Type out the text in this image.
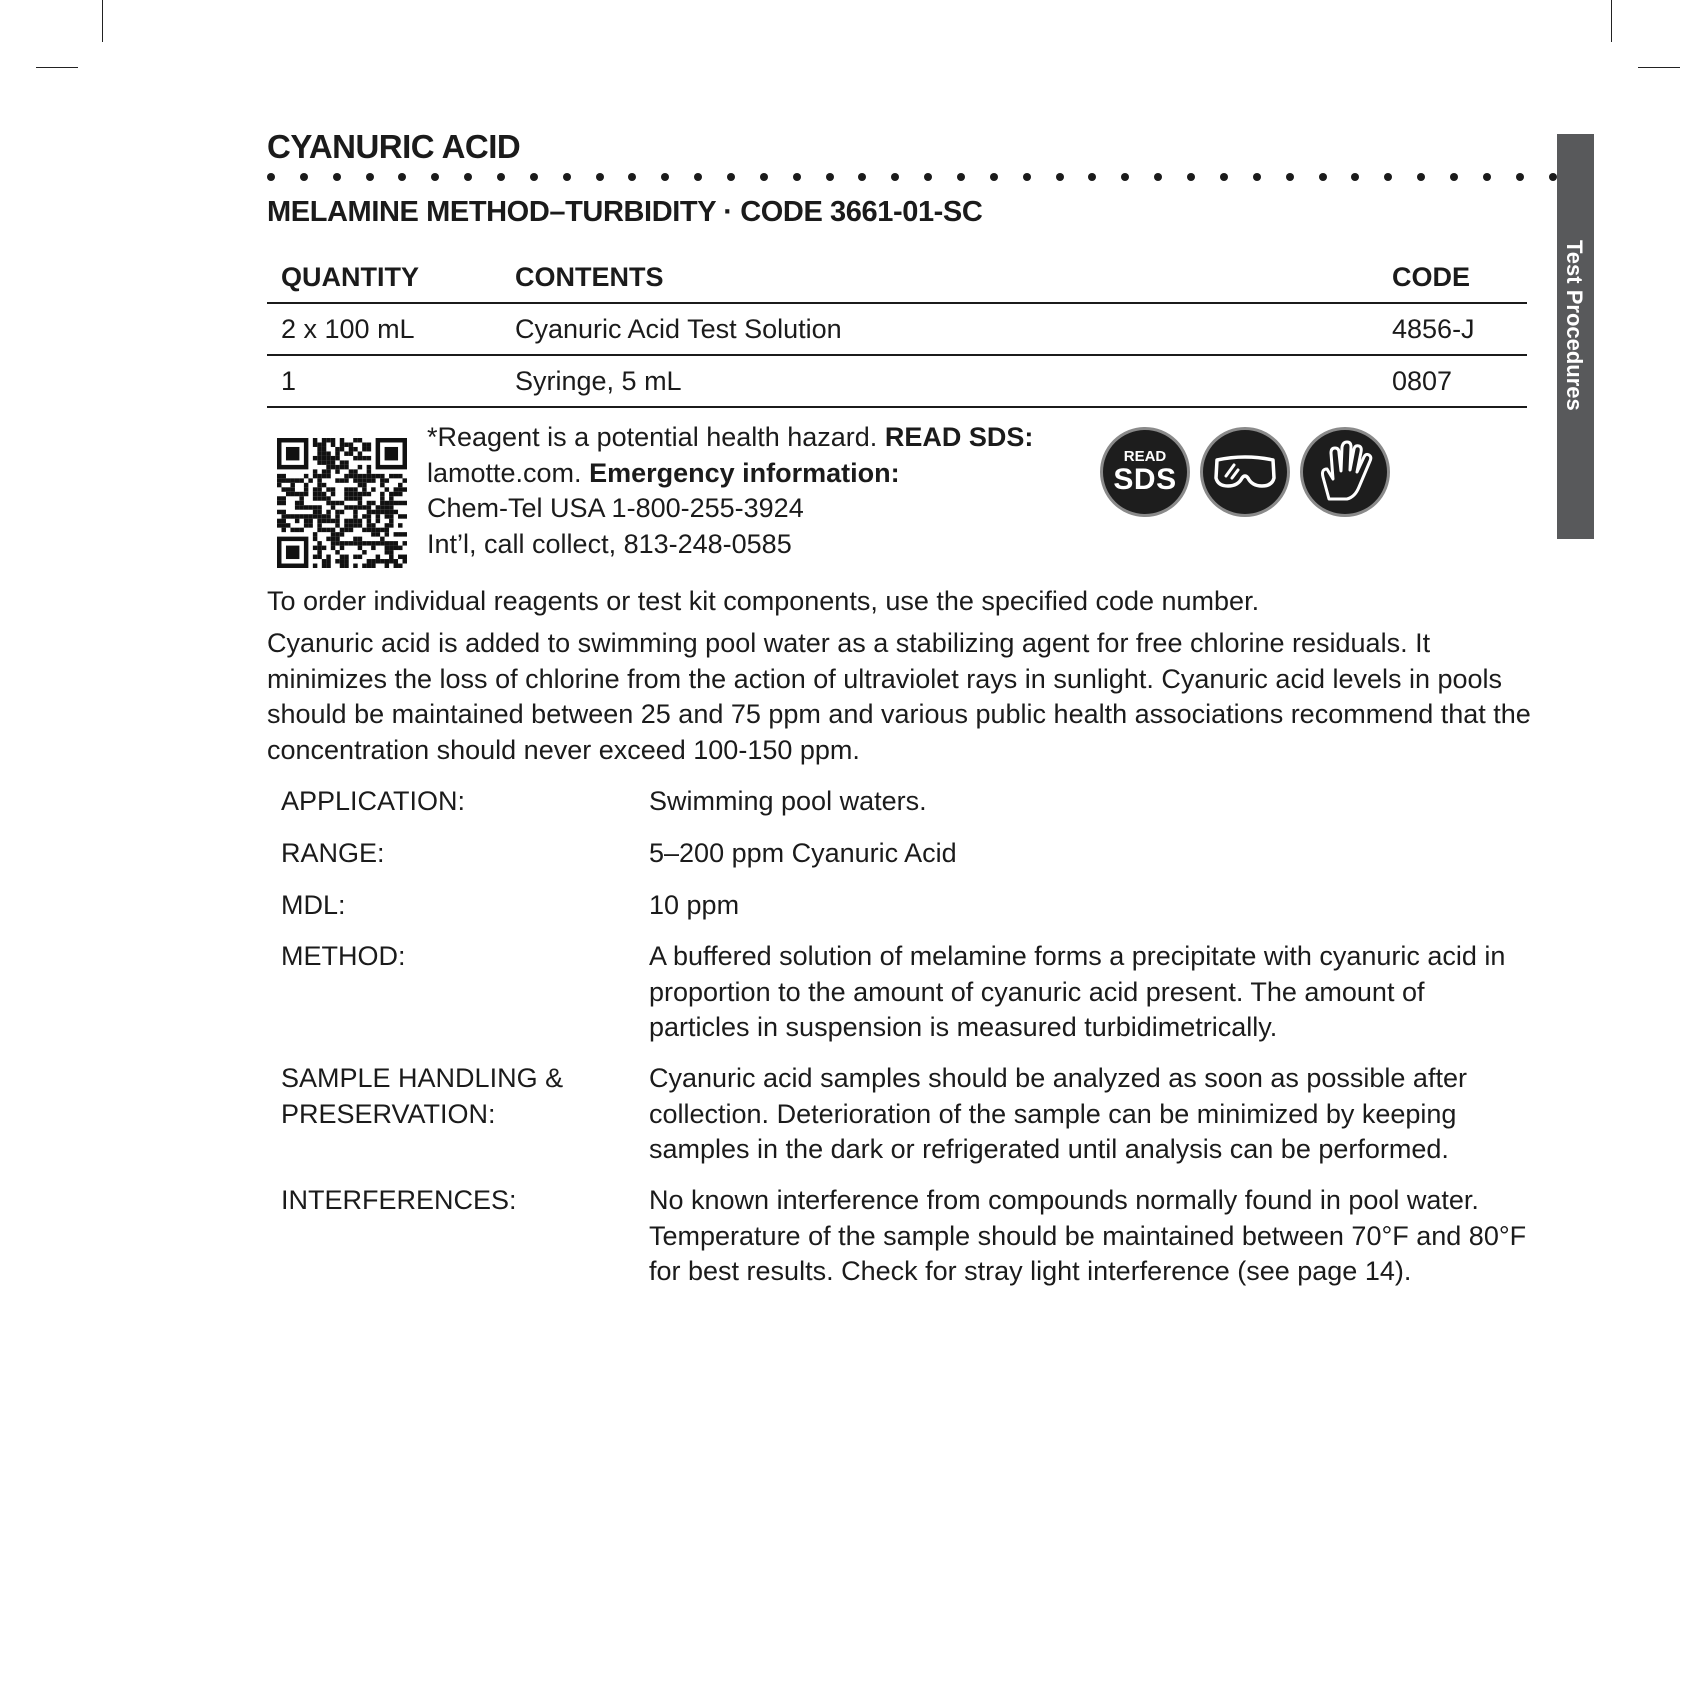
CYANURIC ACID
MELAMINE METHOD–TURBIDITY · CODE 3661-01-SC
QUANTITY	CONTENTS	CODE
2 x 100 mL	Cyanuric Acid Test Solution	4856-J
1	Syringe, 5 mL	0807
*Reagent is a potential health hazard. READ SDS:
lamotte.com. Emergency information:
Chem-Tel USA 1-800-255-3924
Int’l, call collect, 813-248-0585
READ
SDS

To order individual reagents or test kit components, use the specified code number.

Cyanuric acid is added to swimming pool water as a stabilizing agent for free chlorine residuals. It minimizes the loss of chlorine from the action of ultraviolet rays in sunlight. Cyanuric acid levels in pools should be maintained between 25 and 75 ppm and various public health associations recommend that the concentration should never exceed 100-150 ppm.

APPLICATION:	Swimming pool waters.
RANGE:	5–200 ppm Cyanuric Acid
MDL:	10 ppm
METHOD:	A buffered solution of melamine forms a precipitate with cyanuric acid in proportion to the amount of cyanuric acid present. The amount of particles in suspension is measured turbidimetrically.
SAMPLE HANDLING & PRESERVATION:
Cyanuric acid samples should be analyzed as soon as possible after collection. Deterioration of the sample can be minimized by keeping samples in the dark or refrigerated until analysis can be performed.
INTERFERENCES:	No known interference from compounds normally found in pool water. Temperature of the sample should be maintained between 70°F and 80°F for best results. Check for stray light interference (see page 14).
Test Procedures
